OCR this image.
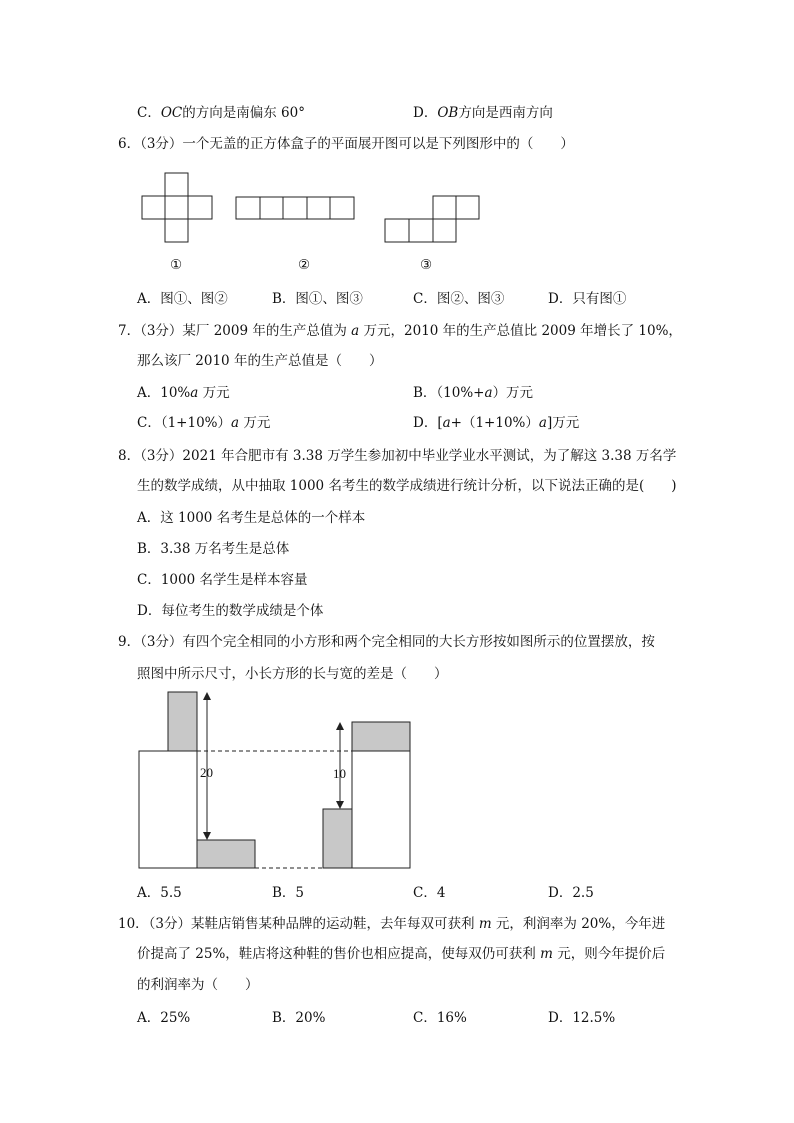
C．OC的方向是南偏东 60°	D．OB方向是西南方向
6．（3分）一个无盖的正方体盒子的平面展开图可以是下列图形中的（　　）
①	②	③
A．图①、图②	B．图①、图③	C．图②、图③	D．只有图①
7．（3分）某厂 2009 年的生产总值为 a 万元，2010 年的生产总值比 2009 年增长了 10%，
那么该厂 2010 年的生产总值是（　　）
A．10%a 万元	B．（10%+a）万元
C．（1+10%）a 万元	D．[a+（1+10%）a]万元
8．（3分）2021 年合肥市有 3.38 万学生参加初中毕业学业水平测试，为了解这 3.38 万名学
生的数学成绩，从中抽取 1000 名考生的数学成绩进行统计分析，以下说法正确的是(　　)
A．这 1000 名考生是总体的一个样本
B．3.38 万名考生是总体
C．1000 名学生是样本容量
D．每位考生的数学成绩是个体
9．（3分）有四个完全相同的小方形和两个完全相同的大长方形按如图所示的位置摆放，按
照图中所示尺寸，小长方形的长与宽的差是（　　）
20	10
A．5.5	B．5	C．4	D．2.5
10．（3分）某鞋店销售某种品牌的运动鞋，去年每双可获利 m 元，利润率为 20%，今年进
价提高了 25%，鞋店将这种鞋的售价也相应提高，使每双仍可获利 m 元，则今年提价后
的利润率为（　　）
A．25%	B．20%	C．16%	D．12.5%
